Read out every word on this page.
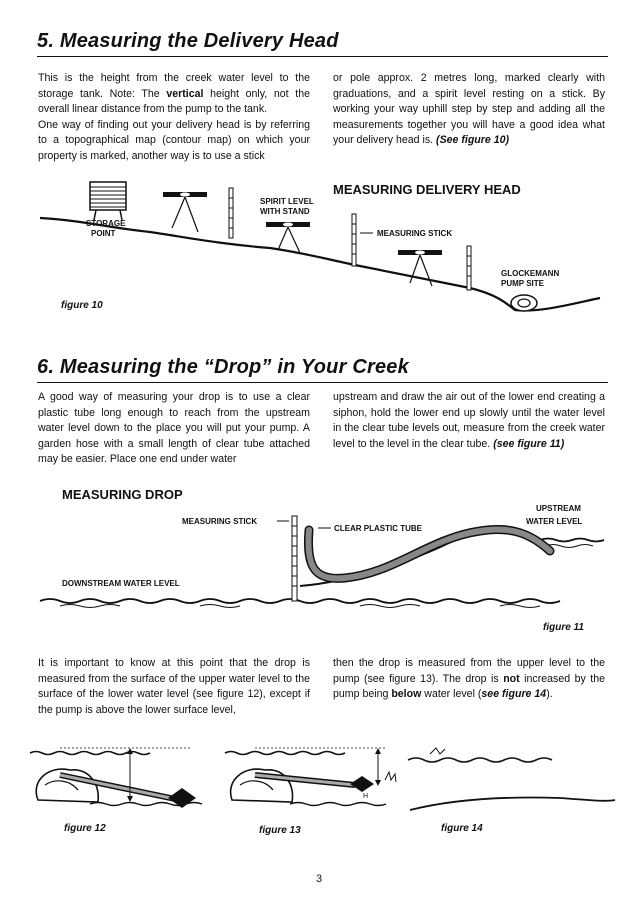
5. Measuring the Delivery Head

This is the height from the creek water level to the storage tank. Note: The vertical height only, not the overall linear distance from the pump to the tank.

One way of finding out your delivery head is by referring to a topographical map (contour map) on which your property is marked, another way is to use a stick

or pole approx. 2 metres long, marked clearly with graduations, and a spirit level resting on a stick. By working your way uphill step by step and adding all the measurements together you will have a good idea what your delivery head is. (See figure 10)

STORAGE
POINT
SPIRIT LEVEL
WITH STAND
MEASURING DELIVERY HEAD
MEASURING STICK
GLOCKEMANN
PUMP SITE
figure 10
6. Measuring the “Drop” in Your Creek

A good way of measuring your drop is to use a clear plastic tube long enough to reach from the upstream water level down to the place you will put your pump. A garden hose with a small length of clear tube attached may be easier. Place one end under water

upstream and draw the air out of the lower end creating a siphon, hold the lower end up slowly until the water level in the clear tube levels out, measure from the creek water level to the level in the clear tube. (see figure 11)

MEASURING DROP
MEASURING STICK
CLEAR PLASTIC TUBE
UPSTREAM
WATER LEVEL
DOWNSTREAM WATER LEVEL
figure 11

It is important to know at this point that the drop is measured from the surface of the upper water level to the surface of the lower water level (see figure 12), except if the pump is above the lower surface level,

then the drop is measured from the upper level to the pump (see figure 13). The drop is not increased by the pump being below water level (see figure 14).

H
figure 12	figure 13	figure 14
3
